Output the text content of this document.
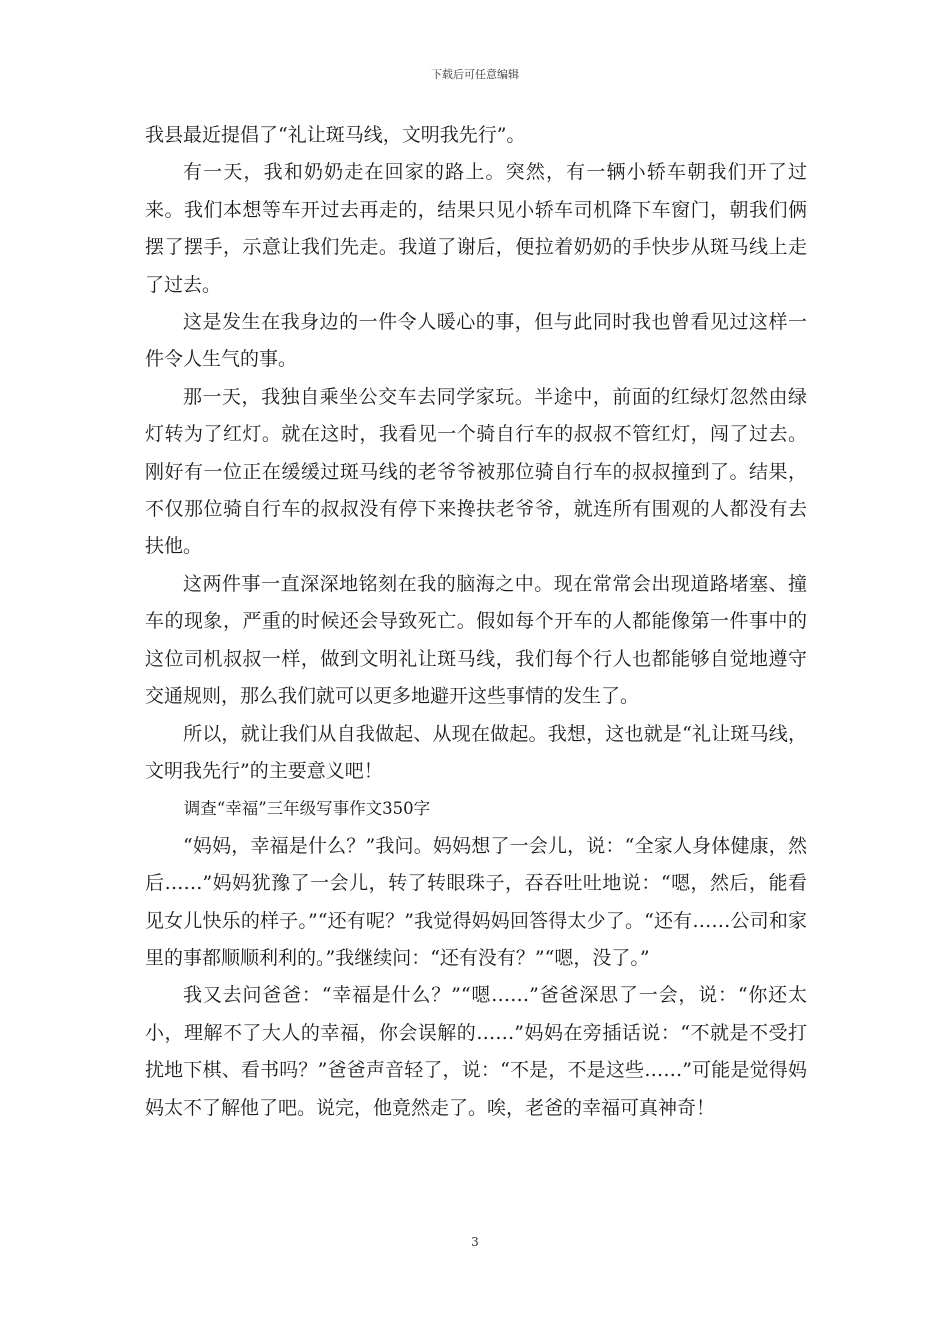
下载后可任意编辑

我县最近提倡了“礼让斑马线，文明我先行”。

有一天，我和奶奶走在回家的路上。突然，有一辆小轿车朝我们开了过来。我们本想等车开过去再走的，结果只见小轿车司机降下车窗门，朝我们俩摆了摆手，示意让我们先走。我道了谢后，便拉着奶奶的手快步从斑马线上走了过去。

这是发生在我身边的一件令人暖心的事，但与此同时我也曾看见过这样一件令人生气的事。

那一天，我独自乘坐公交车去同学家玩。半途中，前面的红绿灯忽然由绿灯转为了红灯。就在这时，我看见一个骑自行车的叔叔不管红灯，闯了过去。刚好有一位正在缓缓过斑马线的老爷爷被那位骑自行车的叔叔撞到了。结果，不仅那位骑自行车的叔叔没有停下来搀扶老爷爷，就连所有围观的人都没有去扶他。

这两件事一直深深地铭刻在我的脑海之中。现在常常会出现道路堵塞、撞车的现象，严重的时候还会导致死亡。假如每个开车的人都能像第一件事中的这位司机叔叔一样，做到文明礼让斑马线，我们每个行人也都能够自觉地遵守交通规则，那么我们就可以更多地避开这些事情的发生了。

所以，就让我们从自我做起、从现在做起。我想，这也就是“礼让斑马线，文明我先行”的主要意义吧！

调查“幸福”三年级写事作文350字

“妈妈，幸福是什么？”我问。妈妈想了一会儿，说：“全家人身体健康，然后……”妈妈犹豫了一会儿，转了转眼珠子，吞吞吐吐地说：“嗯，然后，能看见女儿快乐的样子。”“还有呢？”我觉得妈妈回答得太少了。“还有……公司和家里的事都顺顺利利的。”我继续问：“还有没有？”“嗯，没了。”

我又去问爸爸：“幸福是什么？”“嗯……”爸爸深思了一会，说：“你还太小，理解不了大人的幸福，你会误解的……”妈妈在旁插话说：“不就是不受打扰地下棋、看书吗？”爸爸声音轻了，说：“不是，不是这些……”可能是觉得妈妈太不了解他了吧。说完，他竟然走了。唉，老爸的幸福可真神奇！

3
